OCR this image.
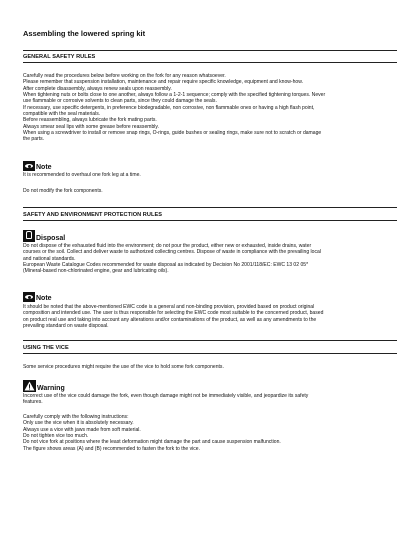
Assembling the lowered spring kit
GENERAL SAFETY RULES
Carefully read the procedures below before working on the fork for any reason whatsoever.
Please remember that suspension installation, maintenance and repair require specific knowledge, equipment and know-how.
After complete disassembly, always renew seals upon reassembly.
When tightening nuts or bolts close to one another, always follow a 1-2-1 sequence; comply with the specified tightening torques. Never
use flammable or corrosive solvents to clean parts, since they could damage the seals.
If necessary, use specific detergents, in preference biodegradable, non corrosive, non flammable ones or having a high flash point,
compatible with the seal materials.
Before reassembling, always lubricate the fork mating parts.
Always smear seal lips with some grease before reassembly.
When using a screwdriver to install or remove snap rings, O-rings, guide bushes or sealing rings, make sure not to scratch or damage
the parts.
Note
It is recommended to overhaul one fork leg at a time.
Do not modify the fork components.
SAFETY AND ENVIRONMENT PROTECTION RULES
Disposal
Do not dispose of the exhausted fluid into the environment; do not pour the product, either new or exhausted, inside drains, water
courses or the soil. Collect and deliver waste to authorized collecting centres. Dispose of waste in compliance with the prevailing local
and national standards.
European Waste Catalogue Codes recommended for waste disposal as indicated by Decision No 2001/118/EC: EWC 13 02 05*
(Mineral-based non-chlorinated engine, gear and lubricating oils).
Note
It should be noted that the above-mentioned EWC code is a general and non-binding provision, provided based on product original
composition and intended use. The user is thus responsible for selecting the EWC code most suitable to the concerned product, based
on product real use and taking into account any alterations and/or contaminations of the product, as well as any amendments to the
prevailing standard on waste disposal.
USING THE VICE
Some service procedures might require the use of the vice to hold some fork components.
Warning
Incorrect use of the vice could damage the fork, even though damage might not be immediately visible, and jeopardize its safety
features.
Carefully comply with the following instructions:
Only use the vice when it is absolutely necessary.
Always use a vice with jaws made from soft material.
Do not tighten vice too much.
Do not vice fork at positions where the least deformation might damage the part and cause suspension malfunction.
The figure shows areas (A) and (B) recommended to fasten the fork to the vice.
